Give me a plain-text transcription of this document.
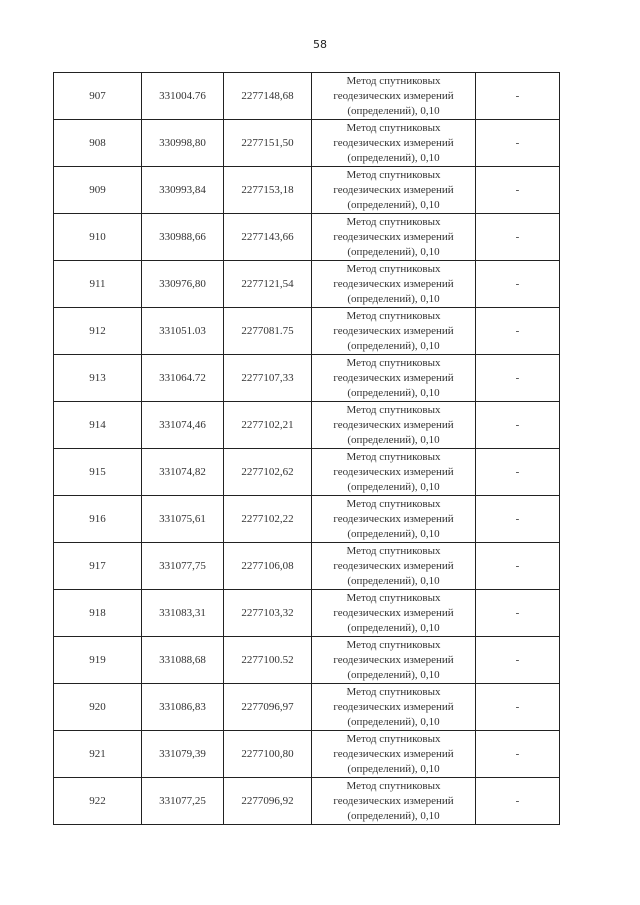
58
907	331004.76	2277148,68	Метод спутниковых
геодезических измерений
(определений), 0,10	-
908	330998,80	2277151,50	Метод спутниковых
геодезических измерений
(определений), 0,10	-
909	330993,84	2277153,18	Метод спутниковых
геодезических измерений
(определений), 0,10	-
910	330988,66	2277143,66	Метод спутниковых
геодезических измерений
(определений), 0,10	-
911	330976,80	2277121,54	Метод спутниковых
геодезических измерений
(определений), 0,10	-
912	331051.03	2277081.75	Метод спутниковых
геодезических измерений
(определений), 0,10	-
913	331064.72	2277107,33	Метод спутниковых
геодезических измерений
(определений), 0,10	-
914	331074,46	2277102,21	Метод спутниковых
геодезических измерений
(определений), 0,10	-
915	331074,82	2277102,62	Метод спутниковых
геодезических измерений
(определений), 0,10	-
916	331075,61	2277102,22	Метод спутниковых
геодезических измерений
(определений), 0,10	-
917	331077,75	2277106,08	Метод спутниковых
геодезических измерений
(определений), 0,10	-
918	331083,31	2277103,32	Метод спутниковых
геодезических измерений
(определений), 0,10	-
919	331088,68	2277100.52	Метод спутниковых
геодезических измерений
(определений), 0,10	-
920	331086,83	2277096,97	Метод спутниковых
геодезических измерений
(определений), 0,10	-
921	331079,39	2277100,80	Метод спутниковых
геодезических измерений
(определений), 0,10	-
922	331077,25	2277096,92	Метод спутниковых
геодезических измерений
(определений), 0,10	-
